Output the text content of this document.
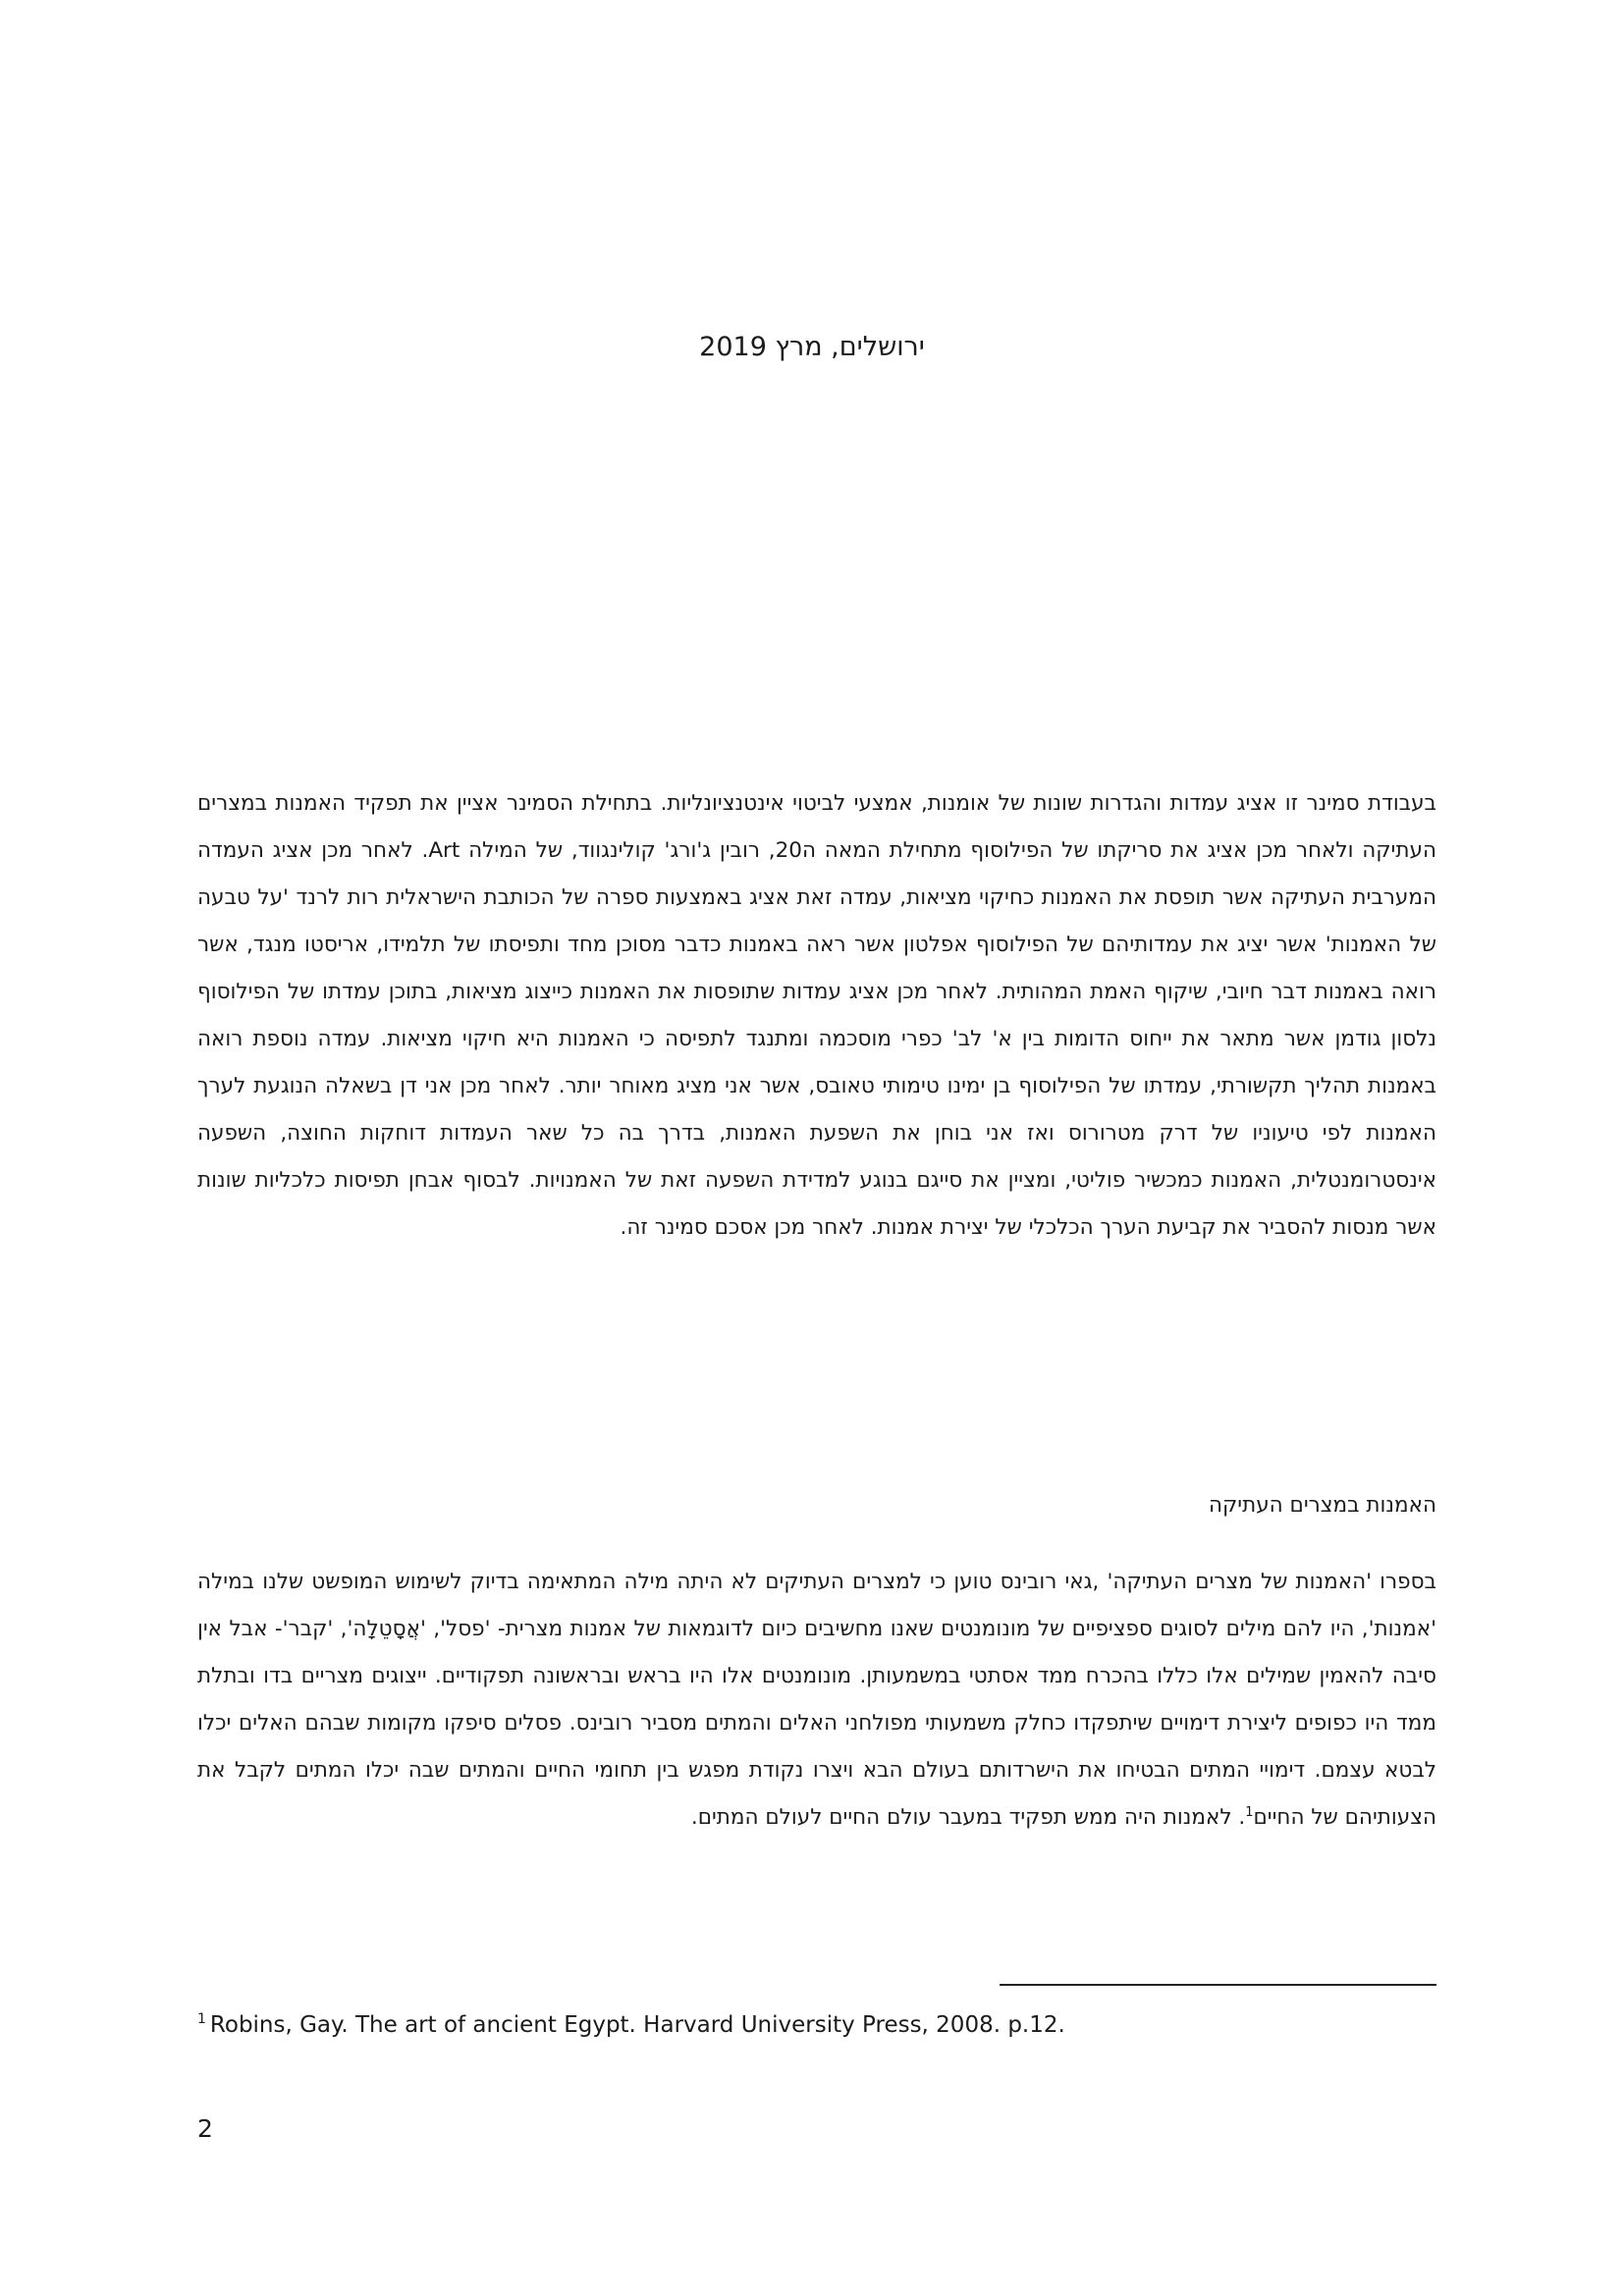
ירושלים, מרץ 2019

בעבודת סמינר זו אציג עמדות והגדרות שונות של אומנות, אמצעי לביטוי אינטנציונליות. בתחילת הסמינר אציין את תפקיד האמנות במצרים העתיקה ולאחר מכן אציג את סריקתו של הפילוסוף מתחילת המאה ה20, רובין ג'ורג' קולינגווד, של המילה Art. לאחר מכן אציג העמדה המערבית העתיקה אשר תופסת את האמנות כחיקוי מציאות, עמדה זאת אציג באמצעות ספרה של הכותבת הישראלית רות לרנד 'על טבעה של האמנות' אשר יציג את עמדותיהם של הפילוסוף אפלטון אשר ראה באמנות כדבר מסוכן מחד ותפיסתו של תלמידו, אריסטו מנגד, אשר רואה באמנות דבר חיובי, שיקוף האמת המהותית. לאחר מכן אציג עמדות שתופסות את האמנות כייצוג מציאות, בתוכן עמדתו של הפילוסוף נלסון גודמן אשר מתאר את ייחוס הדומות בין א' לב' כפרי מוסכמה ומתנגד לתפיסה כי האמנות היא חיקוי מציאות. עמדה נוספת רואה באמנות תהליך תקשורתי, עמדתו של הפילוסוף בן ימינו טימותי טאובס, אשר אני מציג מאוחר יותר. לאחר מכן אני דן בשאלה הנוגעת לערך האמנות לפי טיעוניו של דרק מטרורוס ואז אני בוחן את השפעת האמנות, בדרך בה כל שאר העמדות דוחקות החוצה, השפעה אינסטרומנטלית, האמנות כמכשיר פוליטי, ומציין את סייגם בנוגע למדידת השפעה זאת של האמנויות. לבסוף אבחן תפיסות כלכליות שונות אשר מנסות להסביר את קביעת הערך הכלכלי של יצירת אמנות. לאחר מכן אסכם סמינר זה.

האמנות במצרים העתיקה

בספרו 'האמנות של מצרים העתיקה' ,גאי רובינס טוען כי למצרים העתיקים לא היתה מילה המתאימה בדיוק לשימוש המופשט שלנו במילה 'אמנות', היו להם מילים לסוגים ספציפיים של מונומנטים שאנו מחשיבים כיום לדוגמאות של אמנות מצרית- 'פסל', 'אֲסָטֵלָה', 'קבר'- אבל אין סיבה להאמין שמילים אלו כללו בהכרח ממד אסתטי במשמעותן. מונומנטים אלו היו בראש ובראשונה תפקודיים. ייצוגים מצריים בדו ובתלת ממד היו כפופים ליצירת דימויים שיתפקדו כחלק משמעותי מפולחני האלים והמתים מסביר רובינס. פסלים סיפקו מקומות שבהם האלים יכלו לבטא עצמם. דימויי המתים הבטיחו את הישרדותם בעולם הבא ויצרו נקודת מפגש בין תחומי החיים והמתים שבה יכלו המתים לקבל את הצעותיהם של החיים$^1$. לאמנות היה ממש תפקיד במעבר עולם החיים לעולם המתים.

$^1$ Robins, Gay. The art of ancient Egypt. Harvard University Press, 2008. p.12.
2
